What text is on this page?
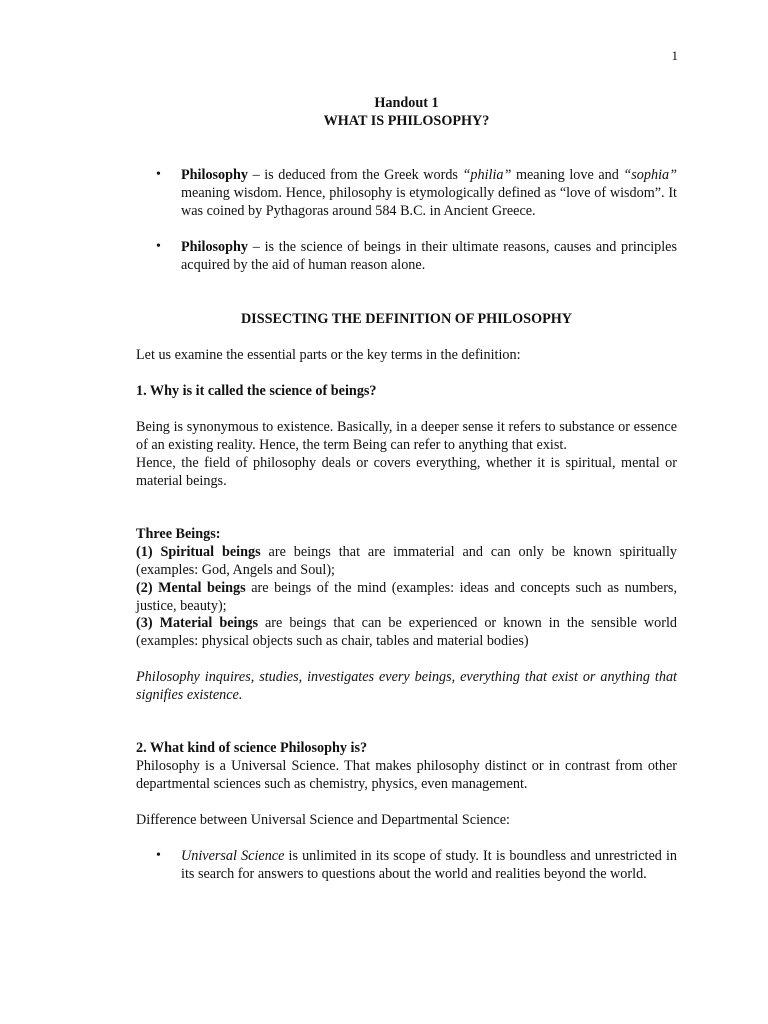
1
Handout 1
WHAT IS PHILOSOPHY?
• Philosophy – is deduced from the Greek words “philia” meaning love and “sophia” meaning wisdom. Hence, philosophy is etymologically defined as “love of wisdom”. It was coined by Pythagoras around 584 B.C. in Ancient Greece.

• Philosophy – is the science of beings in their ultimate reasons, causes and principles acquired by the aid of human reason alone.

DISSECTING THE DEFINITION OF PHILOSOPHY

Let us examine the essential parts or the key terms in the definition:

1. Why is it called the science of beings?

Being is synonymous to existence. Basically, in a deeper sense it refers to substance or essence of an existing reality. Hence, the term Being can refer to anything that exist.

Hence, the field of philosophy deals or covers everything, whether it is spiritual, mental or material beings.

Three Beings:

(1) Spiritual beings are beings that are immaterial and can only be known spiritually (examples: God, Angels and Soul);

(2) Mental beings are beings of the mind (examples: ideas and concepts such as numbers, justice, beauty);

(3) Material beings are beings that can be experienced or known in the sensible world (examples: physical objects such as chair, tables and material bodies)

Philosophy inquires, studies, investigates every beings, everything that exist or anything that signifies existence.

2. What kind of science Philosophy is?

Philosophy is a Universal Science. That makes philosophy distinct or in contrast from other departmental sciences such as chemistry, physics, even management.

Difference between Universal Science and Departmental Science:

• Universal Science is unlimited in its scope of study. It is boundless and unrestricted in its search for answers to questions about the world and realities beyond the world.
